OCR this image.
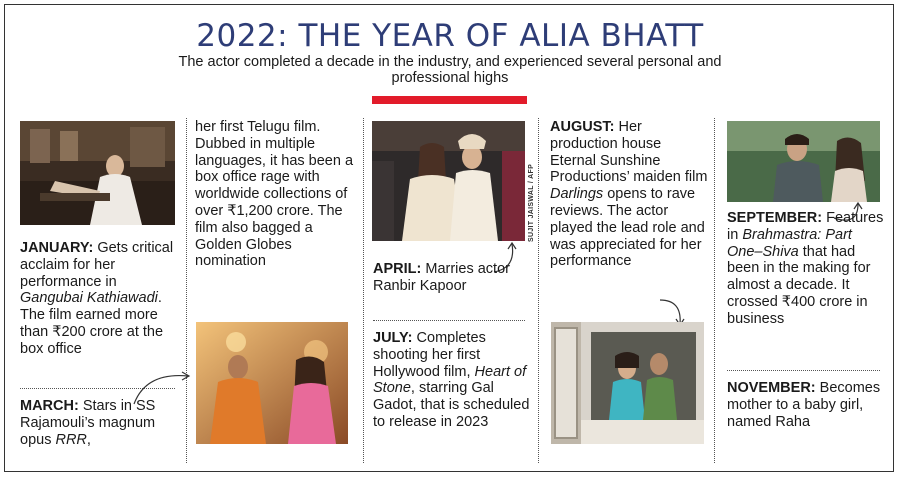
2022: THE YEAR OF ALIA BHATT
The actor completed a decade in the industry, and experienced several personal and professional highs
JANUARY: Gets critical acclaim for her performance in Gangubai Kathiawadi. The film earned more than ₹200 crore at the box office
MARCH: Stars in SS Rajamouli’s magnum opus RRR,
her first Telugu film. Dubbed in multiple languages, it has been a box office rage with worldwide collections of over ₹1,200 crore. The film also bagged a Golden Globes nomination
SUJIT JAISWAL / AFP
APRIL: Marries actor Ranbir Kapoor
JULY: Completes shooting her first Hollywood film, Heart of Stone, starring Gal Gadot, that is scheduled to release in 2023
AUGUST: Her production house Eternal Sunshine Productions’ maiden film Darlings opens to rave reviews. The actor played the lead role and was appreciated for her performance
SEPTEMBER: Features in Brahmastra: Part One–Shiva that had been in the making for almost a decade. It crossed ₹400 crore in business
NOVEMBER: Becomes mother to a baby girl, named Raha
